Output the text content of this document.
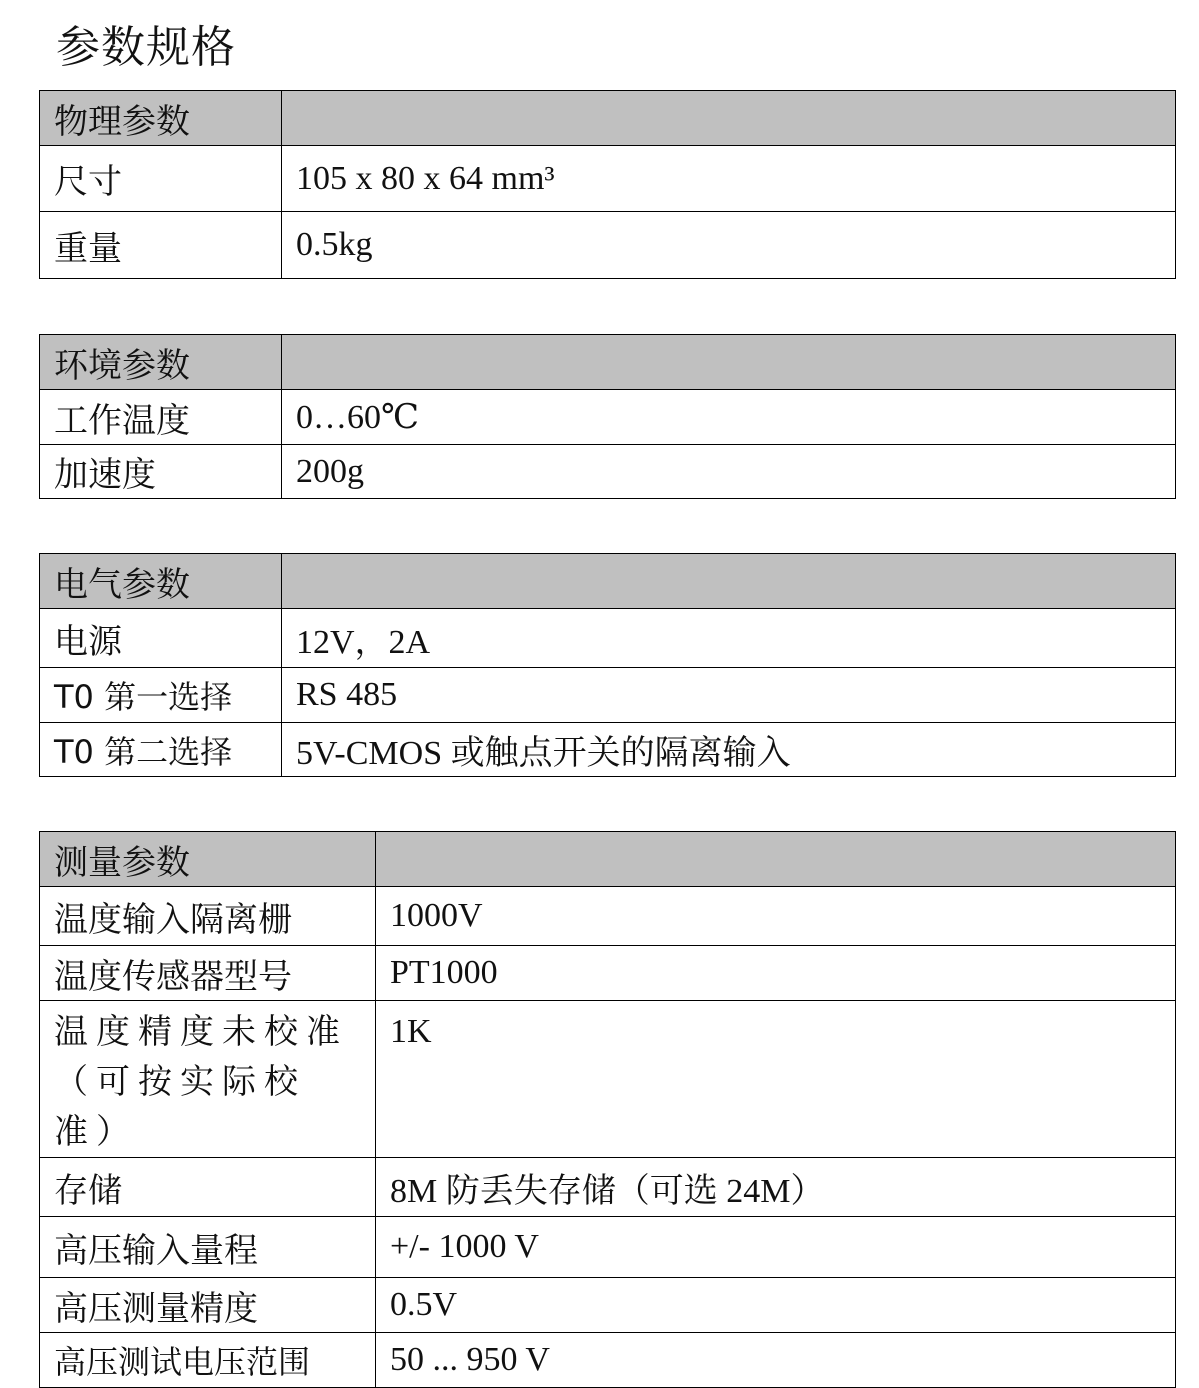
参数规格
物理参数	
尺寸	105 x 80 x 64 mm³
重量	0.5kg
环境参数	
工作温度	0…60℃
加速度	200g
电气参数	
电源	12V，2A
T0 第一选择	RS 485
T0 第二选择	5V-CMOS 或触点开关的隔离输入
测量参数	
温度输入隔离栅	1000V
温度传感器型号	PT1000
温度精度未校准（可按实际校准）	1K
存储	8M 防丢失存储（可选 24M）
高压输入量程	+/- 1000 V
高压测量精度	0.5V
高压测试电压范围	50 ... 950 V
